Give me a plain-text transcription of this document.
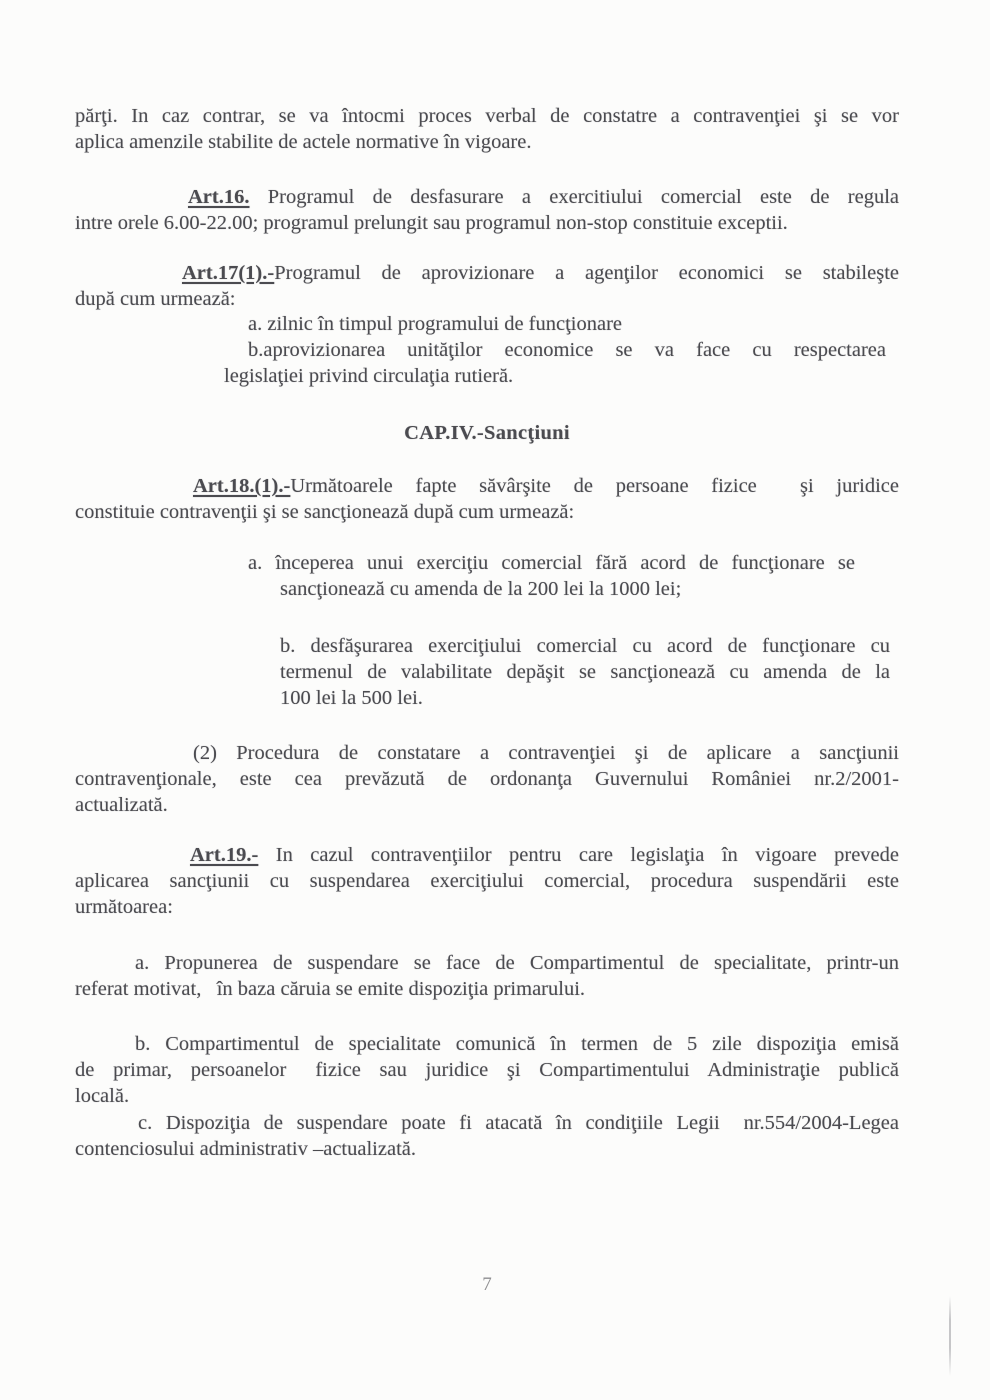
părţi. In caz contrar, se va întocmi proces verbal de constatre a contravenţiei şi se vor
aplica amenzile stabilite de actele normative în vigoare.
Art.16. Programul de desfasurare a exercitiului comercial este de regula
intre orele 6.00-22.00; programul prelungit sau programul non-stop constituie exceptii.
Art.17(1).-Programul de aprovizionare a agenţilor economici se stabileşte
după cum urmează:
a. zilnic în timpul programului de funcţionare
b.aprovizionarea unităţilor economice se va face cu respectarea
legislaţiei privind circulaţia rutieră.
CAP.IV.-Sancţiuni
Art.18.(1).-Următoarele fapte săvârşite de persoane fizice  şi juridice
constituie contravenţii şi se sancţionează după cum urmează:
a. începerea unui exerciţiu comercial fără acord de funcţionare se
sancţionează cu amenda de la 200 lei la 1000 lei;
b. desfăşurarea exerciţiului comercial cu acord de funcţionare cu
termenul de valabilitate depăşit se sancţionează cu amenda de la
100 lei la 500 lei.
(2) Procedura de constatare a contravenţiei şi de aplicare a sancţiunii
contravenţionale, este cea prevăzută de ordonanţa Guvernului României nr.2/2001-
actualizată.
Art.19.- In cazul contravenţiilor pentru care legislaţia în vigoare prevede
aplicarea sancţiunii cu suspendarea exerciţiului comercial, procedura suspendării este
următoarea:
a. Propunerea de suspendare se face de Compartimentul de specialitate, printr-un
referat motivat,  în baza căruia se emite dispoziţia primarului.
b. Compartimentul de specialitate comunică în termen de 5 zile dispoziţia emisă
de primar, persoanelor  fizice sau juridice şi Compartimentului Administraţie publică
locală.
c. Dispoziţia de suspendare poate fi atacată în condiţiile Legii  nr.554/2004-Legea
contenciosului administrativ –actualizată.
7
